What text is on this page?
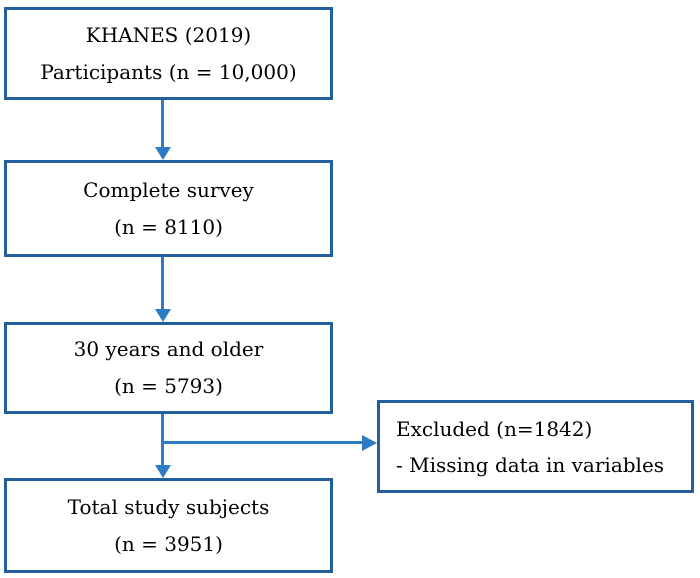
KHANES (2019)
Participants (n = 10,000)
Complete survey
(n = 8110)
30 years and older
(n = 5793)
Total study subjects
(n = 3951)
Excluded (n=1842)
- Missing data in variables
